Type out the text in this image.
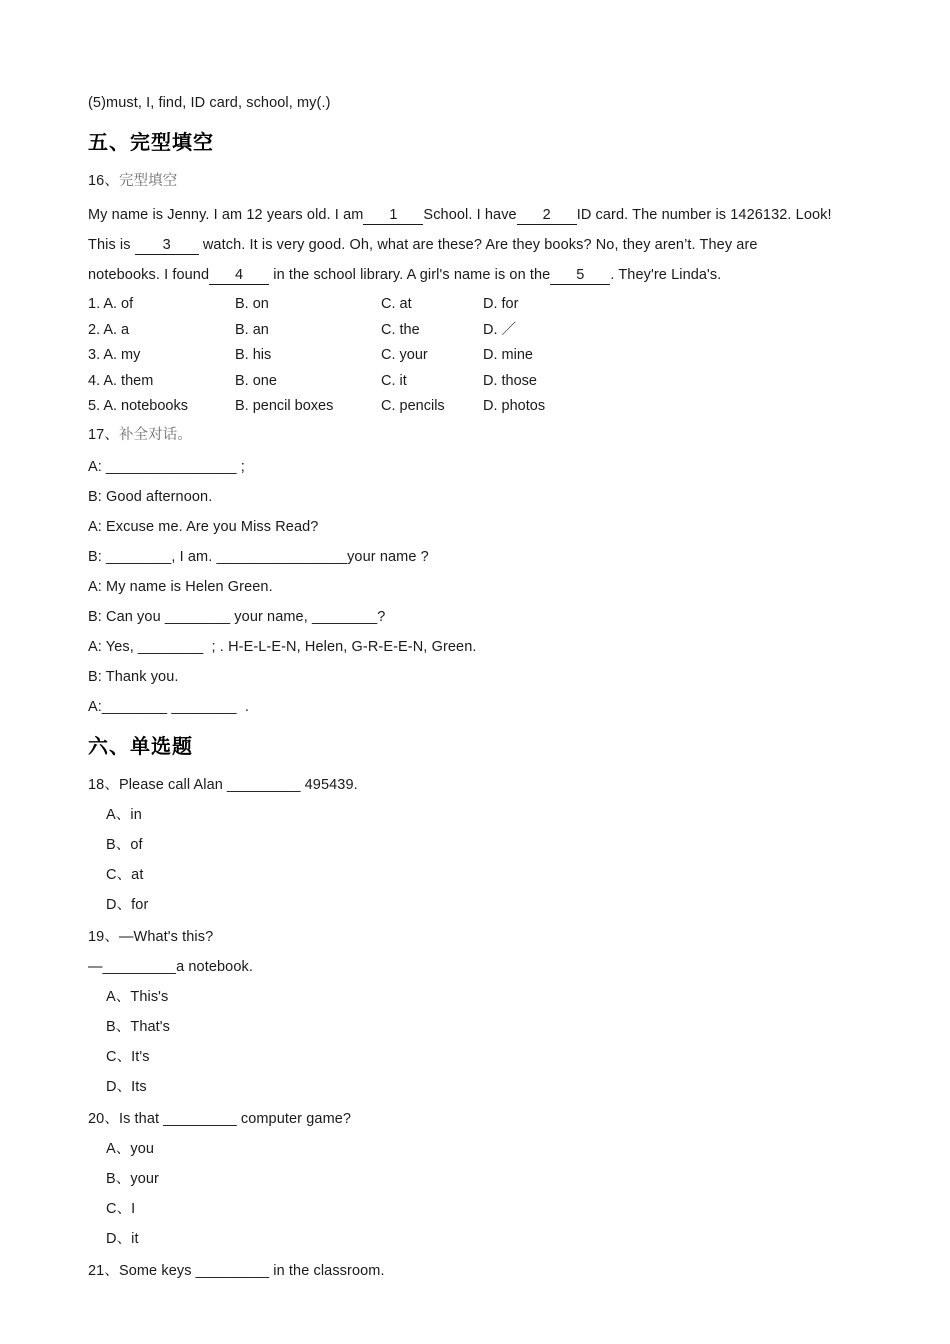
(5)must, I, find, ID card, school, my(.)
五、完型填空
16、完型填空
My name is Jenny. I am 12 years old. I am 1 School. I have 2 ID card. The number is 1426132. Look!
This is 3 watch. It is very good. Oh, what are these? Are they books? No, they aren’t. They are
notebooks. I found 4 in the school library. A girl's name is on the 5 . They're Linda's.
1. A. of	B. on	C. at	D. for
2. A. a	B. an	C. the	D. ／
3. A. my	B. his	C. your	D. mine
4. A. them	B. one	C. it	D. those
5. A. notebooks	B. pencil boxes	C. pencils	D. photos
17、补全对话。
A: ________________ ;
B: Good afternoon.
A: Excuse me. Are you Miss Read?
B: ________, I am. ________________your name ?
A: My name is Helen Green.
B: Can you ________ your name, ________?
A: Yes, ________  ; . H-E-L-E-N, Helen, G-R-E-E-N, Green.
B: Thank you.
A:________ ________  .
六、单选题
18、Please call Alan _________ 495439.
A、in
B、of
C、at
D、for
19、—What's this?
—_________a notebook.
A、This's
B、That's
C、It's
D、Its
20、Is that _________ computer game?
A、you
B、your
C、I
D、it
21、Some keys _________ in the classroom.
